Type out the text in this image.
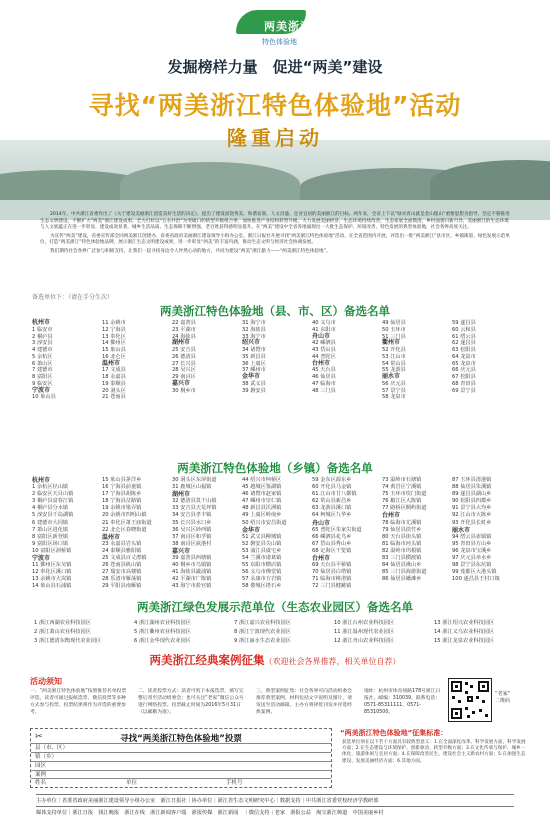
两美浙江
特色体验地
发掘榜样力量　促进“两美”建设
寻找“两美浙江特色体验地”活动
隆重启动

2014年，中共浙江省委作出了《关于建设美丽浙江创造美好生活的决定》，提出了建设富饶秀美、和谐安康、人文昌盛、宜业宜居的美丽浙江的目标。两年来，全省上下以“绿水青山就是金山银山”重要思想为指导，坚定不移推进生态文明建设，不断扩大“两美”浙江建设成果。全力打好以“五水共治”为突破口的转型升级组合拳，加快推进产业结构转型升级，大力发展美丽经济，生态环境持续改善，生态家底全面摸清，乡村面貌日新月异，美丽浙江的生态环境与人文底蕴正在进一步彰显，建设成效显著，城乡生活品质、生态保障不断增强，老百姓获得感明显提升。在“两美”建设中全省各地涌现出一大批生态保护、环境改善、特色发展的典型体验地，社会各界高度关注。

为宣传“两美”建设，省委宣传部会同两美浙江创建办、省委省政府美丽浙江建设领导小组办公室、浙江日报社开展寻找“两美浙江特色体验地”活动，在全省范围内开展，评选出一批“两美浙江”县市区、乡镇街道、绿色发展示范单位，打造“两美浙江”特色体验地品牌，展示浙江生态文明建设成果，进一步彰显“两美”的丰富内涵，推动生态文明与经济社会协调发展。

我们期待社会各界广泛参与积极支持，让我们一起寻找身边令人怦然心动的地方，共同为建设“两美”浙江献力——“两美浙江特色体验地”。

备选单位下：（请在手分生次）
两美浙江特色体验地（县、市、区）备选名单
杭州市
1 临安市
2 桐庐县
3 淳安县
4 建德市
5 余杭区
6 萧山区
7 建德市
8 富阳区
9 临安区
宁波市
10 象山县
11 余姚市
12 宁海县
13 奉化区
14 鄞州区
15 象山县
16 北仑区
温州市
17 文成县
18 永嘉县
19 泰顺县
20 洞头区
21 苍南县
22 嘉善县
23 平湖市
24 海盐县
湖州市
25 安吉县
26 德清县
27 长兴县
28 吴兴区
29 南浔区
嘉兴市
30 桐乡市
31 海宁市
32 海盐县
33 海宁市
绍兴市
34 诸暨市
35 新昌县
36 上虞区
37 嵊州市
金华市
38 武义县
39 磐安县
40 义乌市
41 东阳市
舟山市
42 嵊泗县
43 岱山县
44 普陀区
台州市
45 天台县
46 仙居县
47 临海市
48 三门县
49 仙居县
50 玉环市
51 三门县
衢州市
52 开化县
53 江山市
54 常山县
55 龙游县
丽水市
56 庆元县
57 景宁县
58 龙泉市
59 遂昌县
60 云和县
61 缙云县
62 遂昌县
63 松阳县
64 龙泉市
65 龙泉市
66 庆元县
67 松阳县
68 青田县
69 景宁县
两美浙江特色体验地（乡镇）备选名单
杭州市
1 余杭区径山镇
2 临安区天目山镇
3 桐庐县富春江镇
4 桐庐县分水镇
5 淳安县千岛湖镇
6 建德市大同镇
7 萧山区进化镇
8 富阳区新登镇
9 富阳区场口镇
10 富阳区洞桥镇
宁波市
11 鄞州区东吴镇
12 奉化区溪口镇
13 余姚市大岚镇
14 象山县石浦镇
15 象山县茅洋乡
16 宁海县前童镇
17 宁海县胡陈乡
18 宁海县岔路镇
19 余姚市梁弄镇
20 余姚市四明山镇
21 奉化区萧王庙街道
22 北仑区春晓街道
温州市
23 永嘉县岩头镇
24 泰顺县雅阳镇
25 文成县百丈漈镇
26 苍南县矾山镇
27 瑞安市高楼镇
28 乐清市雁荡镇
29 平阳县南雁镇
30 洞头区东屏街道
31 鹿城区山福镇
湖州市
32 德清县莫干山镇
33 安吉县天荒坪镇
34 安吉县孝丰镇
35 长兴县水口乡
36 吴兴区妙西镇
37 南浔区和孚镇
38 南浔区荻港村
嘉兴市
39 嘉善县西塘镇
40 桐乡市乌镇镇
41 海盐县澉浦镇
42 平湖市广陈镇
43 海宁市盐官镇
44 绍兴市柯桥区
45 越城区鉴湖镇
46 诸暨市赵家镇
47 嵊州市崇仁镇
48 新昌县沃洲镇
49 上虞区岭南乡
50 绍兴市安昌街道
金华市
51 武义县柳城镇
52 磐安县尖山镇
53 浦江县虞宅乡
54 兰溪市诸葛镇
55 东阳市横店镇
56 义乌市佛堂镇
57 永康市方岩镇
58 婺城区塔石乡
59 金东区源东乡
60 开化县马金镇
61 江山市廿八都镇
62 常山县新昌乡
63 龙游县溪口镇
64 柯城区九华乡
舟山市
65 普陀区朱家尖街道
66 嵊泗县花鸟乡
67 岱山县秀山乡
68 定海区干览镇
台州市
69 天台县平桥镇
70 仙居县白塔镇
71 临海市桃渚镇
72 三门县健跳镇
73 温岭市石塘镇
74 黄岩区宁溪镇
75 玉环市坎门街道
76 椒江区大陈镇
77 路桥区桐屿街道
台州市
78 临海市尤溪镇
79 仙居县淡竹乡
80 天台县街头镇
81 临海市河头镇
82 温岭市坞根镇
83 三门县横渡镇
84 仙居县湫山乡
85 三门县海游街道
86 仙居县皤滩乡
87 玉环县清港镇
88 仙居县朱溪镇
89 遂昌县湖山乡
90 松阳县四都乡
91 景宁县大均乡
92 江山市大陈乡
93 开化县长虹乡
丽水市
94 缙云县壶镇镇
95 青田县方山乡
96 龙泉市宝溪乡
97 庆元县举水乡
98 景宁县东坑镇
99 莲都区大港头镇
100 遂昌县王村口镇
两美浙江绿色发展示范单位（生态农业园区）备选名单
1 浙江西湖农业科技园区
2 浙江萧山农业科技园区
3 浙江德清东衡现代农业园区
4 浙江湖州农业科技园区
5 浙江衢州农业科技园区
6 浙江金华现代农业园区
7 浙江嘉兴农业科技园区
8 浙江宁波现代农业园区
9 浙江丽水生态农业园区
10 浙江台州农业科技园区
11 浙江温州现代农业园区
12 浙江舟山农业科技园区
13 浙江绍兴农业科技园区
14 浙江义乌农业科技园区
15 浙江龙泉农业科技园区
两美浙江经典案例征集（欢迎社会各界推荐，相关单位自荐）
活动须知
一、“两美浙江特色体验地”按照推荐名单投票评选，读者可通过报纸选票、微信投票等多种方式参与投票，投票结果将作为评选的重要参考。
二、读者投票方式：读者可剪下本报选票，填写完整后寄至活动组委会；也可关注“老家”微信公众号进行网络投票。投票截止时间为2016年5月31日（以邮戳为准）。
三、典型案例征集：社会各界可向活动组委会推荐典型案例，材料包括文字说明及图片，请发送至活动邮箱。主办方将择优刊发并评选经典案例。
地址：杭州市体育场路178号浙江日报社。邮编：310039。联系电话：0571-85311111，0571-85310500。
“老家”
二维码
✂	寻找“两美浙江特色体验地”投票
县（市、区）
镇（乡）
园区
案例
姓名	单位	手机号
“两美浙江特色体验地”征集标准：
获选单位须在以下若干方面具有较典型意义：1.在全面深化改革、科学发展方面，科学发展方面；2.在生态建设与环境保护、创新驱动、转型升级方面；3.在文化传承与保护、城乡一体化、旅游休闲与宜居方面；4.在保障改善民生、建设社会主义新农村方面；5.在加强生态建设、发展美丽经济方面；6.其他方面。
主办单位｜省委省政府美丽浙江建设领导小组办公室　浙江日报社｜协办单位｜浙江省生态文明研究中心｜数据支持｜中共浙江省委党校经济学教研部
媒体支持单位｜浙江日报　钱江晚报　浙江在线　浙江新闻客户端　浙报传媒　浙江新闻　｜微信支持｜老家　浙报公益　淘宝浙江频道　中国美丽乡村
